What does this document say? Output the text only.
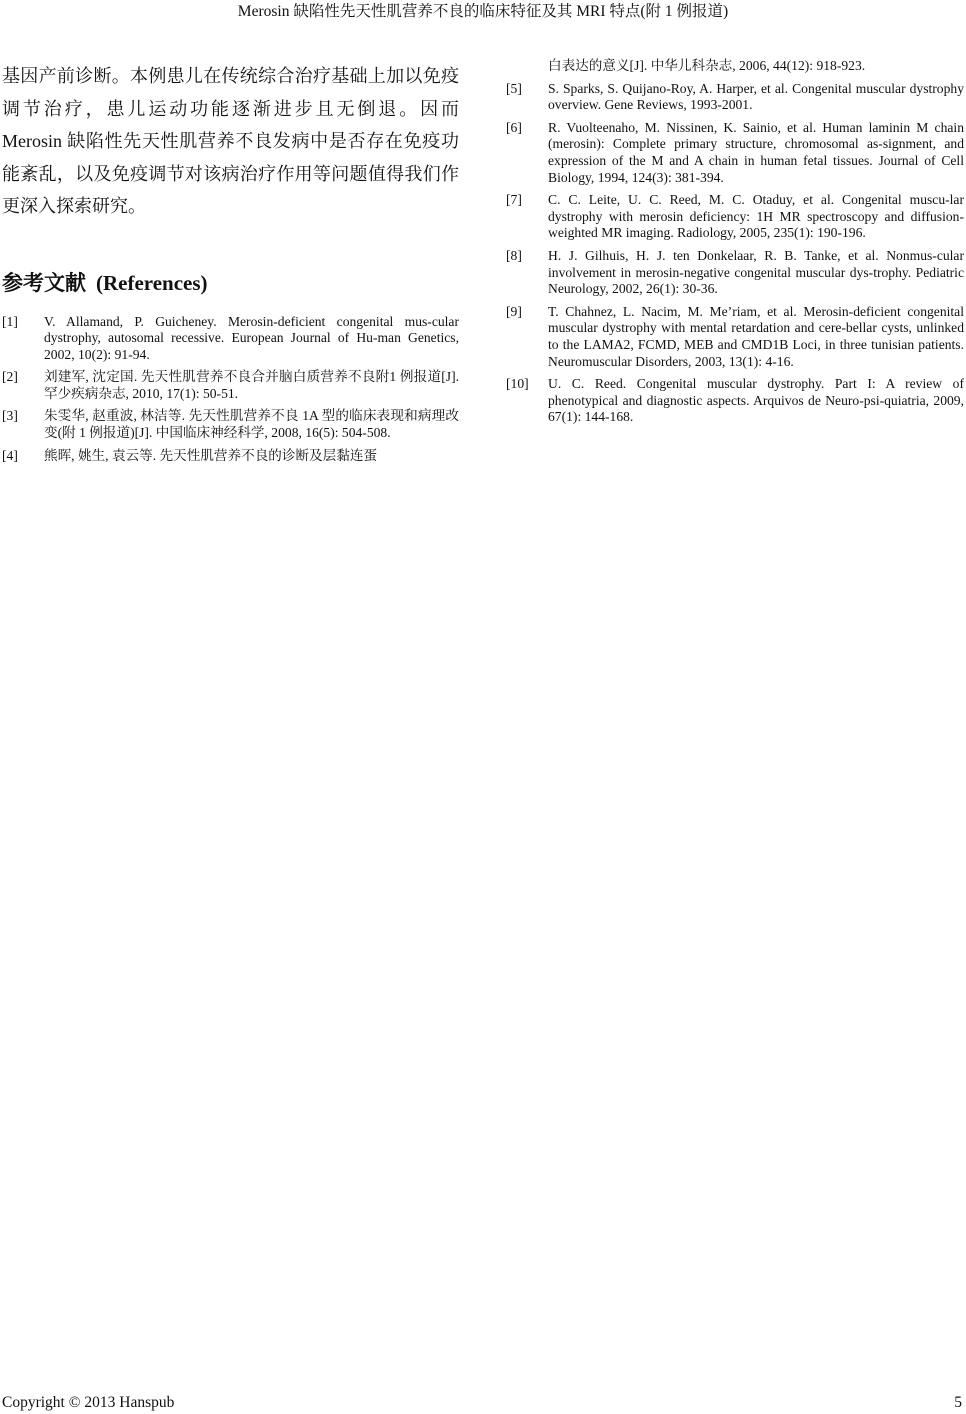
Merosin 缺陷性先天性肌营养不良的临床特征及其 MRI 特点(附 1 例报道)

基因产前诊断。本例患儿在传统综合治疗基础上加以免疫调节治疗，患儿运动功能逐渐进步且无倒退。因而 Merosin 缺陷性先天性肌营养不良发病中是否存在免疫功能紊乱，以及免疫调节对该病治疗作用等问题值得我们作更深入探索研究。

参考文献 (References)
[1]	V. Allamand, P. Guicheney. Merosin-deficient congenital mus-cular dystrophy, autosomal recessive. European Journal of Hu-man Genetics, 2002, 10(2): 91-94.
[2]	刘建军, 沈定国. 先天性肌营养不良合并脑白质营养不良附1 例报道[J]. 罕少疾病杂志, 2010, 17(1): 50-51.
[3]	朱雯华, 赵重波, 林洁等. 先天性肌营养不良 1A 型的临床表现和病理改变(附 1 例报道)[J]. 中国临床神经科学, 2008, 16(5): 504-508.
[4]	熊晖, 姚生, 袁云等. 先天性肌营养不良的诊断及层黏连蛋

白表达的意义[J]. 中华儿科杂志, 2006, 44(12): 918-923.

[5]	S. Sparks, S. Quijano-Roy, A. Harper, et al. Congenital muscular dystrophy overview. Gene Reviews, 1993-2001.
[6]	R. Vuolteenaho, M. Nissinen, K. Sainio, et al. Human laminin M chain (merosin): Complete primary structure, chromosomal as-signment, and expression of the M and A chain in human fetal tissues. Journal of Cell Biology, 1994, 124(3): 381-394.
[7]	C. C. Leite, U. C. Reed, M. C. Otaduy, et al. Congenital muscu-lar dystrophy with merosin deficiency: 1H MR spectroscopy and diffusion-weighted MR imaging. Radiology, 2005, 235(1): 190-196.
[8]	H. J. Gilhuis, H. J. ten Donkelaar, R. B. Tanke, et al. Nonmus-cular involvement in merosin-negative congenital muscular dys-trophy. Pediatric Neurology, 2002, 26(1): 30-36.
[9]	T. Chahnez, L. Nacim, M. Me’riam, et al. Merosin-deficient congenital muscular dystrophy with mental retardation and cere-bellar cysts, unlinked to the LAMA2, FCMD, MEB and CMD1B Loci, in three tunisian patients. Neuromuscular Disorders, 2003, 13(1): 4-16.
[10]	U. C. Reed. Congenital muscular dystrophy. Part I: A review of phenotypical and diagnostic aspects. Arquivos de Neuro-psi-quiatria, 2009, 67(1): 144-168.
Copyright © 2013 Hanspub	5
